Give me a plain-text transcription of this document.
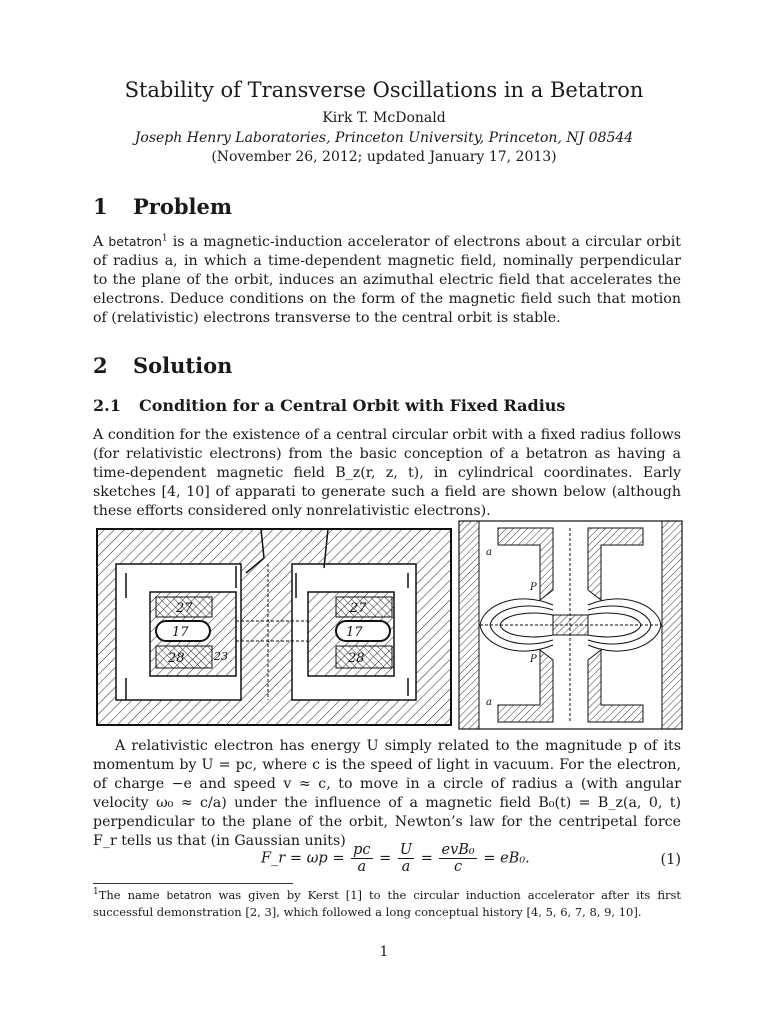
Stability of Transverse Oscillations in a Betatron
Kirk T. McDonald
Joseph Henry Laboratories, Princeton University, Princeton, NJ 08544
(November 26, 2012; updated January 17, 2013)
1 Problem
A betatron$^1$ is a magnetic-induction accelerator of electrons about a circular orbit of radius a, in which a time-dependent magnetic field, nominally perpendicular to the plane of the orbit, induces an azimuthal electric field that accelerates the electrons. Deduce conditions on the form of the magnetic field such that motion of (relativistic) electrons transverse to the central orbit is stable.
2 Solution
2.1 Condition for a Central Orbit with Fixed Radius
A condition for the existence of a central circular orbit with a fixed radius follows (for relativistic electrons) from the basic conception of a betatron as having a time-dependent magnetic field B_z(r, z, t), in cylindrical coordinates. Early sketches [4, 10] of apparati to generate such a field are shown below (although these efforts considered only nonrelativistic electrons).
27
17
28	23
27
17
28
a
a
P
P
A relativistic electron has energy U simply related to the magnitude p of its momentum by U = pc, where c is the speed of light in vacuum. For the electron, of charge −e and speed v ≈ c, to move in a circle of radius a (with angular velocity ω₀ ≈ c/a) under the influence of a magnetic field B₀(t) = B_z(a, 0, t) perpendicular to the plane of the orbit, Newton’s law for the centripetal force F_r tells us that (in Gaussian units)
F_r = $\omega p = \frac{pc}{a} = \frac{U}{a} = \frac{\text{evB₀}}{c} = eB_0$.	(1)
$^1$The name betatron was given by Kerst [1] to the circular induction accelerator after its first successful demonstration [2, 3], which followed a long conceptual history [4, 5, 6, 7, 8, 9, 10].
1
